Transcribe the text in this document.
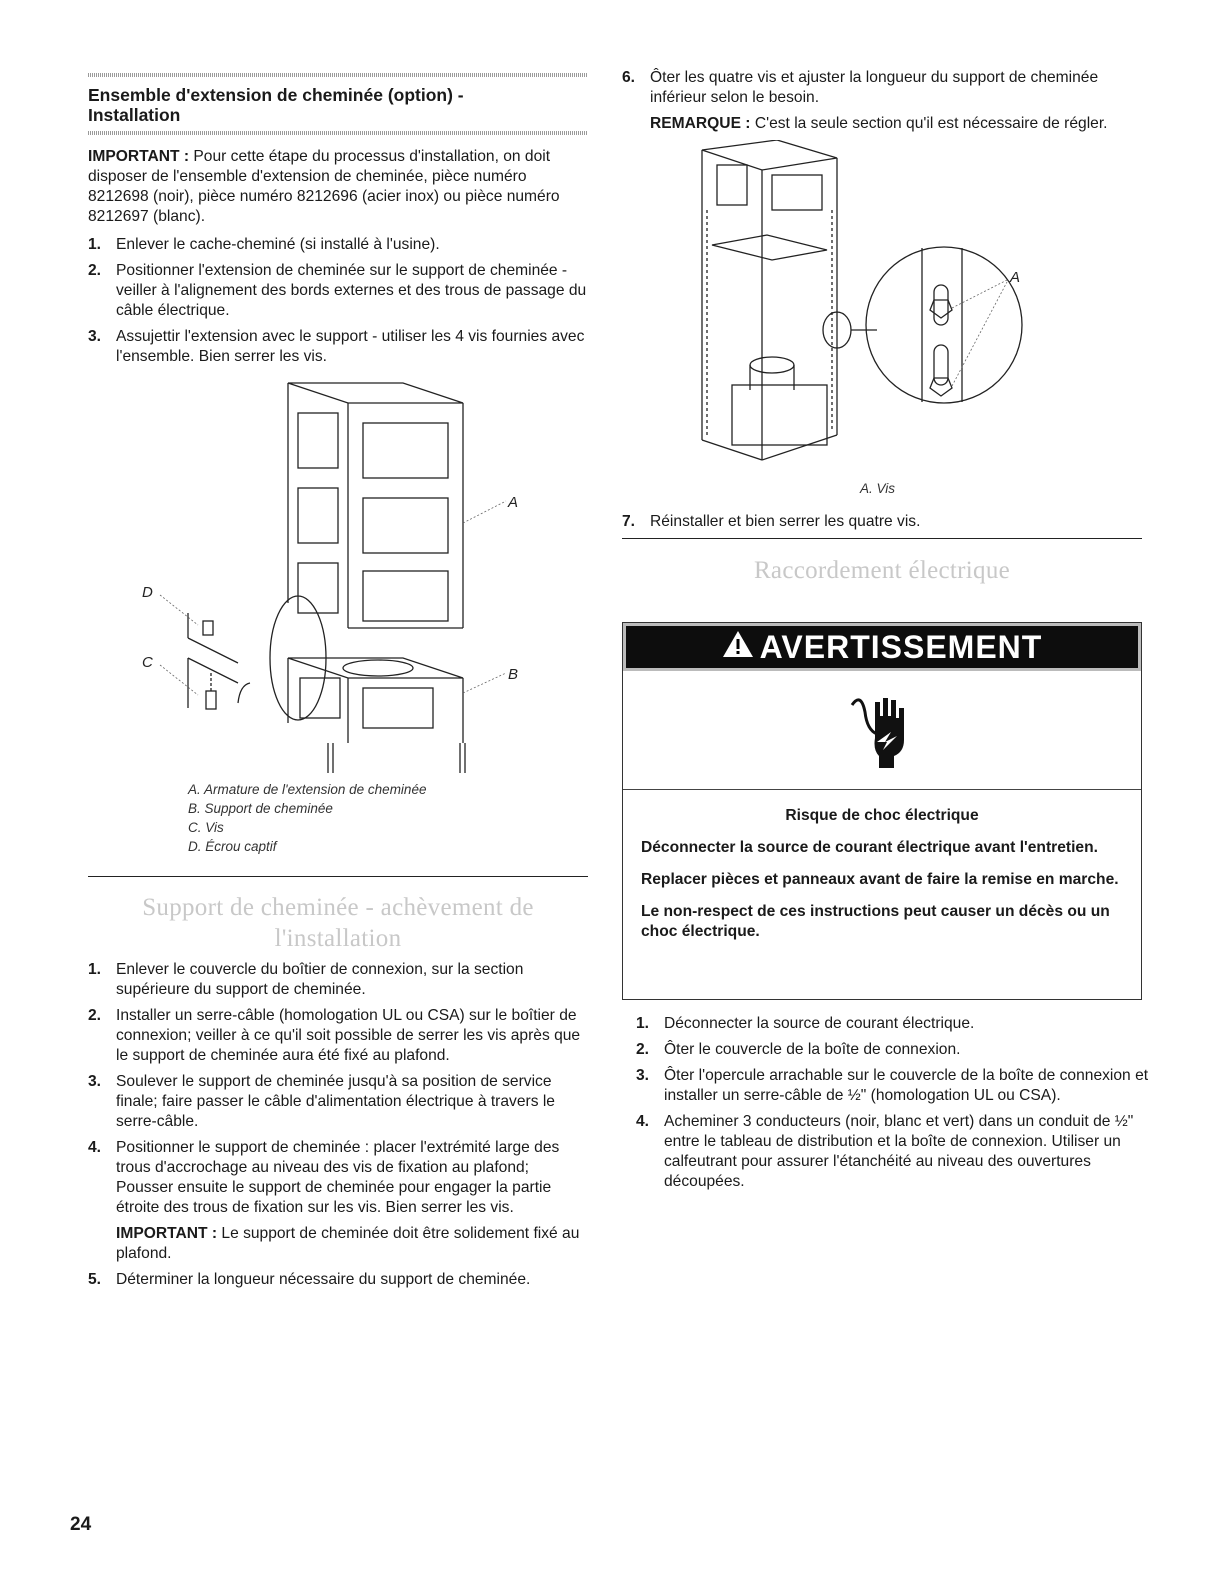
Ensemble d'extension de cheminée (option) - Installation

IMPORTANT : Pour cette étape du processus d'installation, on doit disposer de l'ensemble d'extension de cheminée, pièce numéro 8212698 (noir), pièce numéro 8212696 (acier inox) ou pièce numéro 8212697 (blanc).

1. Enlever le cache-cheminé (si installé à l'usine).
2. Positionner l'extension de cheminée sur le support de cheminée - veiller à l'alignement des bords externes et des trous de passage du câble électrique.
3. Assujettir l'extension avec le support - utiliser les 4 vis fournies avec l'ensemble. Bien serrer les vis.
A
B
D
C
A. Armature de l'extension de cheminée
B. Support de cheminée
C. Vis
D. Écrou captif
Support de cheminée - achèvement de l'installation
1. Enlever le couvercle du boîtier de connexion, sur la section supérieure du support de cheminée.
2. Installer un serre-câble (homologation UL ou CSA) sur le boîtier de connexion; veiller à ce qu'il soit possible de serrer les vis après que le support de cheminée aura été fixé au plafond.
3. Soulever le support de cheminée jusqu'à sa position de service finale; faire passer le câble d'alimentation électrique à travers le serre-câble.
4. Positionner le support de cheminée : placer l'extrémité large des trous d'accrochage au niveau des vis de fixation au plafond; Pousser ensuite le support de cheminée pour engager la partie étroite des trous de fixation sur les vis. Bien serrer les vis.

IMPORTANT : Le support de cheminée doit être solidement fixé au plafond.

5. Déterminer la longueur nécessaire du support de cheminée.
6. Ôter les quatre vis et ajuster la longueur du support de cheminée inférieur selon le besoin.

REMARQUE : C'est la seule section qu'il est nécessaire de régler.

A
A. Vis
7. Réinstaller et bien serrer les quatre vis.
Raccordement électrique
AVERTISSEMENT

Risque de choc électrique

Déconnecter la source de courant électrique avant l'entretien.

Replacer pièces et panneaux avant de faire la remise en marche.

Le non-respect de ces instructions peut causer un décès ou un choc électrique.

1. Déconnecter la source de courant électrique.
2. Ôter le couvercle de la boîte de connexion.
3. Ôter l'opercule arrachable sur le couvercle de la boîte de connexion et installer un serre-câble de ½" (homologation UL ou CSA).
4. Acheminer 3 conducteurs (noir, blanc et vert) dans un conduit de ½" entre le tableau de distribution et la boîte de connexion. Utiliser un calfeutrant pour assurer l'étanchéité au niveau des ouvertures découpées.
24
